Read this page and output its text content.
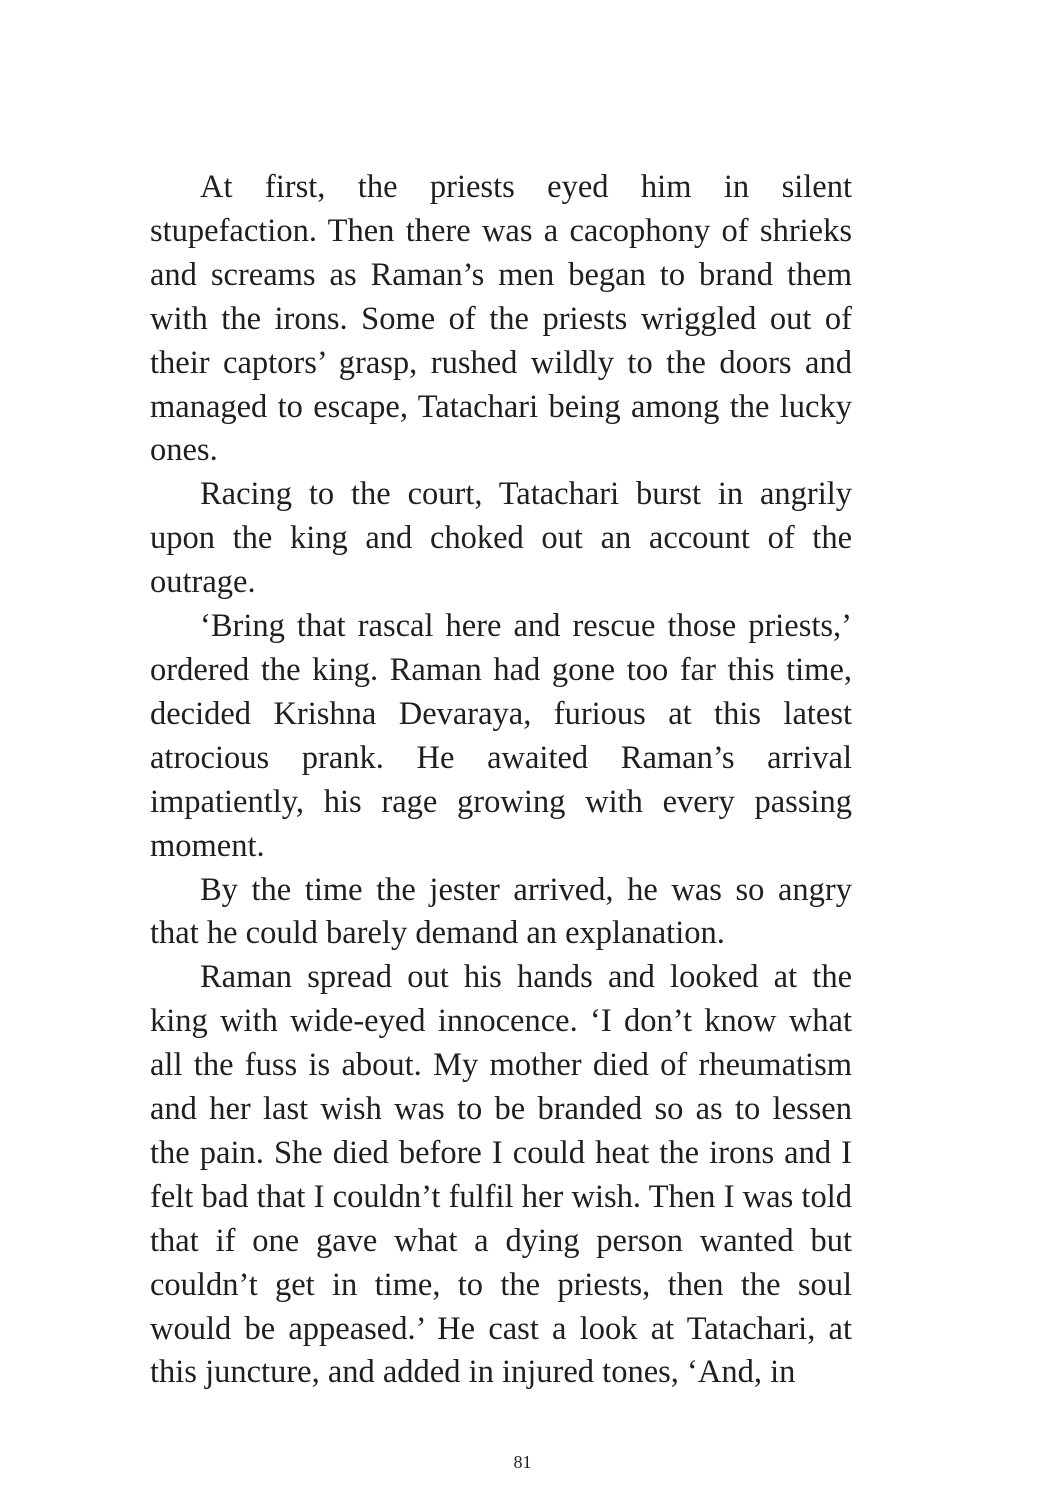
At first, the priests eyed him in silent stupefaction. Then there was a cacophony of shrieks and screams as Raman’s men began to brand them with the irons. Some of the priests wriggled out of their captors’ grasp, rushed wildly to the doors and managed to escape, Tatachari being among the lucky ones.

Racing to the court, Tatachari burst in angrily upon the king and choked out an account of the outrage.

‘Bring that rascal here and rescue those priests,’ ordered the king. Raman had gone too far this time, decided Krishna Devaraya, furious at this latest atrocious prank. He awaited Raman’s arrival impatiently, his rage growing with every passing moment.

By the time the jester arrived, he was so angry that he could barely demand an explanation.

Raman spread out his hands and looked at the king with wide-eyed innocence. ‘I don’t know what all the fuss is about. My mother died of rheumatism and her last wish was to be branded so as to lessen the pain. She died before I could heat the irons and I felt bad that I couldn’t fulfil her wish. Then I was told that if one gave what a dying person wanted but couldn’t get in time, to the priests, then the soul would be appeased.’ He cast a look at Tatachari, at this juncture, and added in injured tones, ‘And, in

81
